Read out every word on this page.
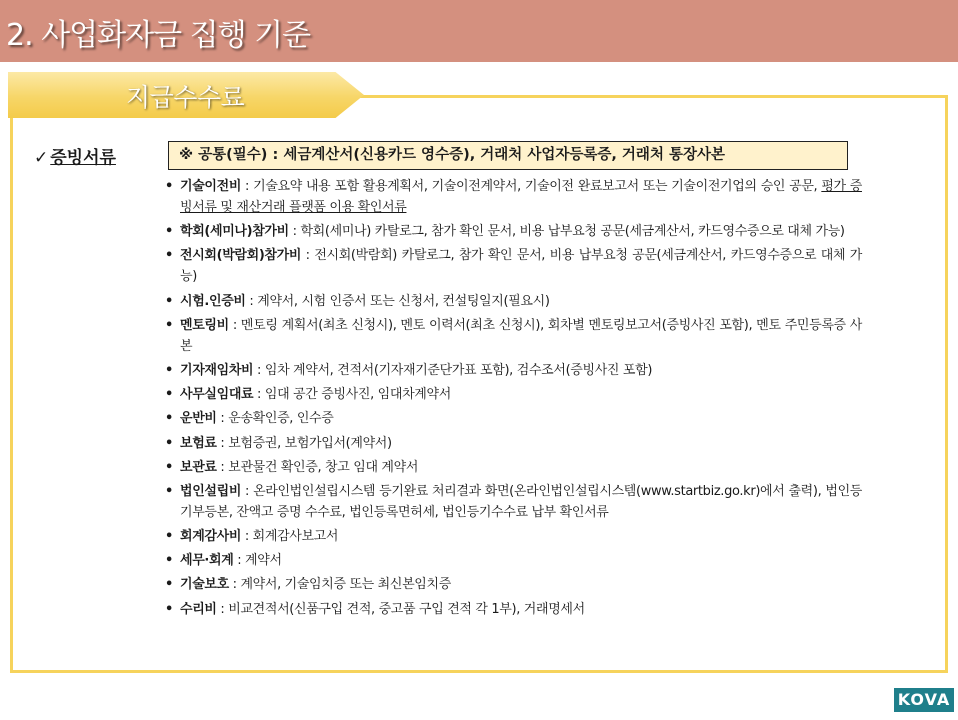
2. 사업화자금 집행 기준
지급수수료
✓ 증빙서류	※ 공통(필수) : 세금계산서(신용카드 영수증), 거래처 사업자등록증, 거래처 통장사본
• 기술이전비 : 기술요약 내용 포함 활용계획서, 기술이전계약서, 기술이전 완료보고서 또는 기술이전기업의 승인 공문, 평가 증빙서류 및 재산거래 플랫폼 이용 확인서류
• 학회(세미나)참가비 : 학회(세미나) 카탈로그, 참가 확인 문서, 비용 납부요청 공문(세금계산서, 카드영수증으로 대체 가능)
• 전시회(박람회)참가비 : 전시회(박람회) 카탈로그, 참가 확인 문서, 비용 납부요청 공문(세금계산서, 카드영수증으로 대체 가능)
• 시험.인증비 : 계약서, 시험 인증서 또는 신청서, 컨설팅일지(필요시)
• 멘토링비 : 멘토링 계획서(최초 신청시), 멘토 이력서(최초 신청시), 회차별 멘토링보고서(증빙사진 포함), 멘토 주민등록증 사본
• 기자재임차비 : 임차 계약서, 견적서(기자재기준단가표 포함), 검수조서(증빙사진 포함)
• 사무실임대료 : 임대 공간 증빙사진, 임대차계약서
• 운반비 : 운송확인증, 인수증
• 보험료 : 보험증권, 보험가입서(계약서)
• 보관료 : 보관물건 확인증, 창고 임대 계약서
• 법인설립비 : 온라인법인설립시스템 등기완료 처리결과 화면(온라인법인설립시스템(www.startbiz.go.kr)에서 출력), 법인등기부등본, 잔액고 증명 수수료, 법인등록면허세, 법인등기수수료 납부 확인서류
• 회계감사비 : 회계감사보고서
• 세무·회계 : 계약서
• 기술보호 : 계약서, 기술임치증 또는 최신본임치증
• 수리비 : 비교견적서(신품구입 견적, 중고품 구입 견적 각 1부), 거래명세서
KOVA
